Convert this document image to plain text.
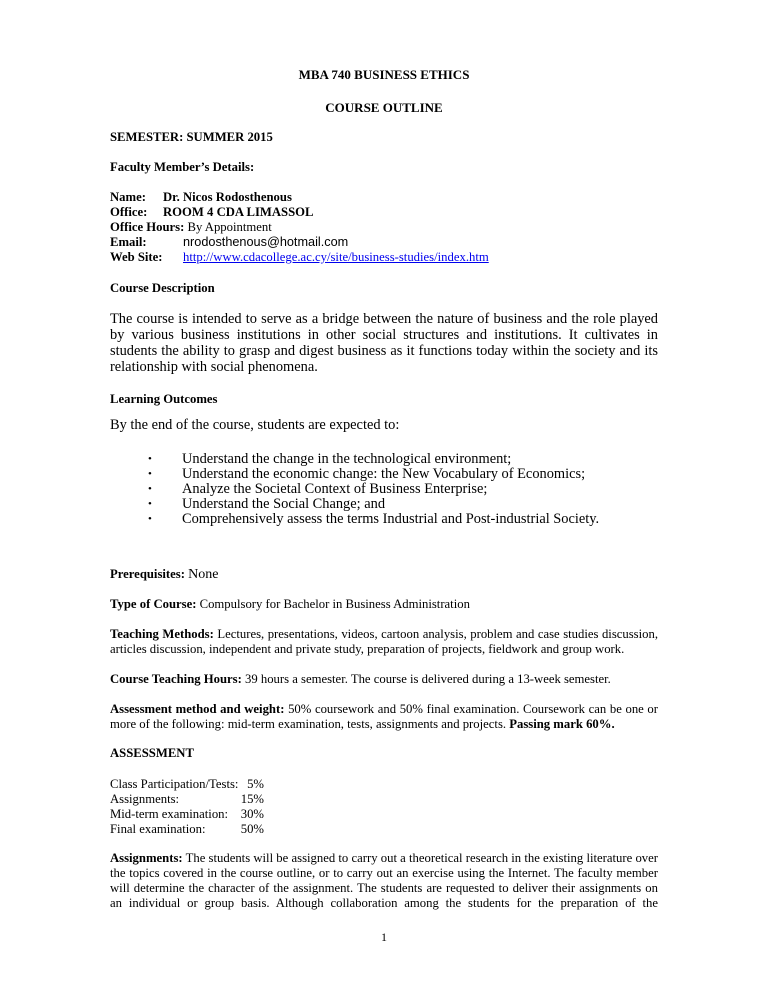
MBA 740 BUSINESS ETHICS
COURSE OUTLINE
SEMESTER: SUMMER 2015
Faculty Member’s Details:
Name: Dr. Nicos Rodosthenous
Office: ROOM 4 CDA LIMASSOL
Office Hours: By Appointment
Email:	nrodosthenous@hotmail.com
Web Site: http://www.cdacollege.ac.cy/site/business-studies/index.htm
Course Description
The course is intended to serve as a bridge between the nature of business and the role played by various business institutions in other social structures and institutions. It cultivates in students the ability to grasp and digest business as it functions today within the society and its relationship with social phenomena.
Learning Outcomes
By the end of the course, students are expected to:
• Understand the change in the technological environment;
• Understand the economic change: the New Vocabulary of Economics;
• Analyze the Societal Context of Business Enterprise;
• Understand the Social Change; and
• Comprehensively assess the terms Industrial and Post-industrial Society.
Prerequisites: None
Type of Course: Compulsory for Bachelor in Business Administration
Teaching Methods: Lectures, presentations, videos, cartoon analysis, problem and case studies discussion, articles discussion, independent and private study, preparation of projects, fieldwork and group work.
Course Teaching Hours: 39 hours a semester. The course is delivered during a 13-week semester.
Assessment method and weight: 50% coursework and 50% final examination. Coursework can be one or more of the following: mid-term examination, tests, assignments and projects. Passing mark 60%.
ASSESSMENT
Class Participation/Tests:	5%
Assignments:	15%
Mid-term examination:	30%
Final examination:	50%
Assignments: The students will be assigned to carry out a theoretical research in the existing literature over the topics covered in the course outline, or to carry out an exercise using the Internet. The faculty member will determine the character of the assignment. The students are requested to deliver their assignments on an individual or group basis. Although collaboration among the students for the preparation of the
1
